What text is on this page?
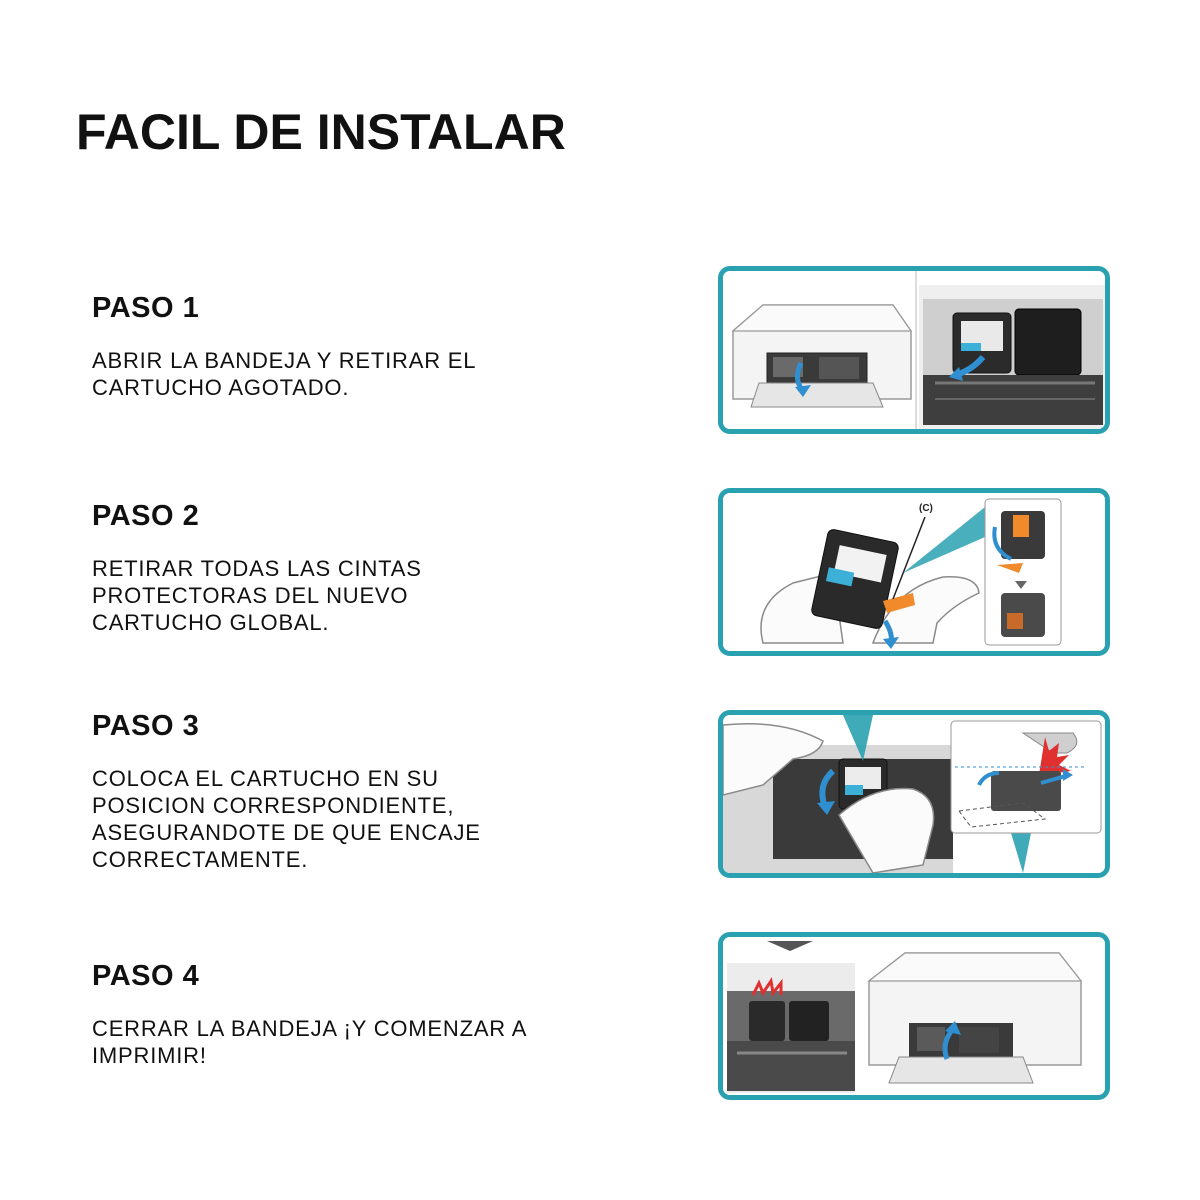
FACIL DE INSTALAR
PASO 1

ABRIR LA BANDEJA Y RETIRAR EL
CARTUCHO AGOTADO.

PASO 2

RETIRAR TODAS LAS CINTAS
PROTECTORAS DEL NUEVO
CARTUCHO GLOBAL.

(C)
PASO 3

COLOCA EL CARTUCHO EN SU
POSICION CORRESPONDIENTE,
ASEGURANDOTE DE QUE ENCAJE
CORRECTAMENTE.

PASO 4

CERRAR LA BANDEJA ¡Y COMENZAR A
IMPRIMIR!
